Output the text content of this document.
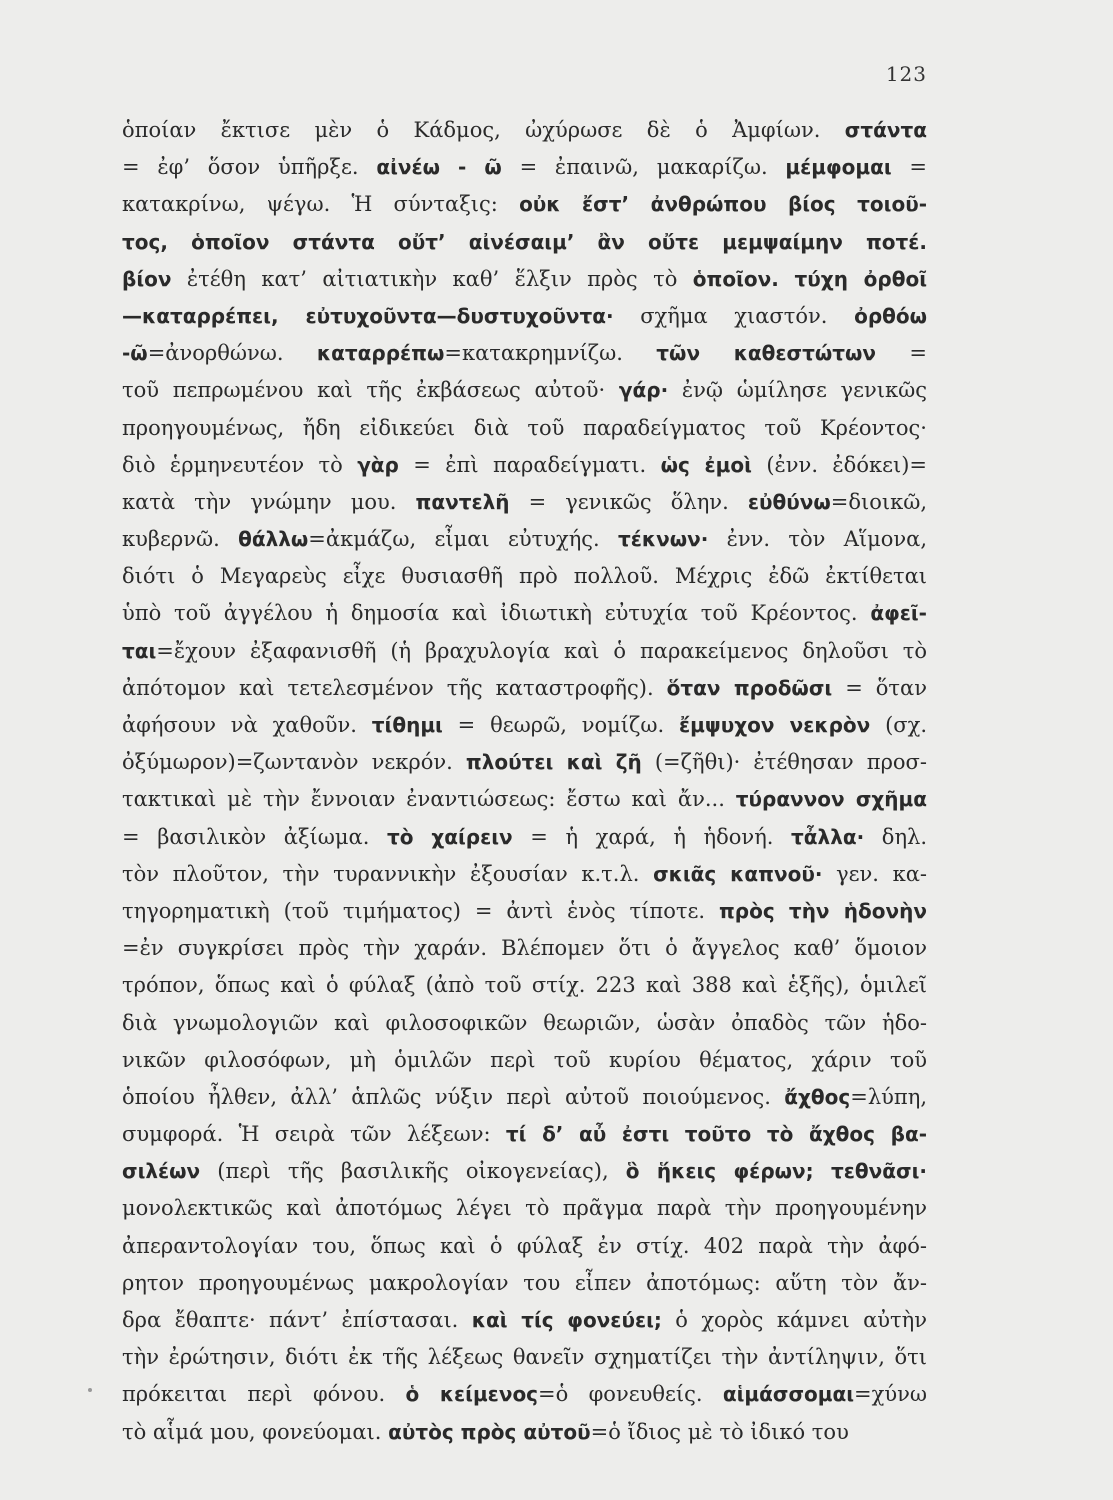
123
ὁποίαν ἔκτισε μὲν ὁ Κάδμος, ὠχύρωσε δὲ ὁ Ἀμφίων. στάντα
= ἐφ’ ὅσον ὑπῆρξε. αἰνέω - ῶ = ἐπαινῶ, μακαρίζω. μέμφομαι =
κατακρίνω, ψέγω. Ἡ σύνταξις: οὐκ ἔστ’ ἀνθρώπου βίος τοιοῦ-
τος, ὁποῖον στάντα οὔτ’ αἰνέσαιμ’ ἂν οὔτε μεμψαίμην ποτέ.
βίον ἐτέθη κατ’ αἰτιατικὴν καθ’ ἕλξιν πρὸς τὸ ὁποῖον. τύχη ὀρθοῖ
—καταρρέπει, εὐτυχοῦντα—δυστυχοῦντα· σχῆμα χιαστόν. ὀρθόω
-ῶ=ἀνορθώνω. καταρρέπω=κατακρημνίζω. τῶν καθεστώτων =
τοῦ πεπρωμένου καὶ τῆς ἐκβάσεως αὐτοῦ· γάρ· ἐνῷ ὡμίλησε γενικῶς
προηγουμένως, ἤδη εἰδικεύει διὰ τοῦ παραδείγματος τοῦ Κρέοντος·
διὸ ἑρμηνευτέον τὸ γὰρ = ἐπὶ παραδείγματι. ὡς ἐμοὶ (ἐνν. ἐδόκει)=
κατὰ τὴν γνώμην μου. παντελῆ = γενικῶς ὅλην. εὐθύνω=διοικῶ,
κυβερνῶ. θάλλω=ἀκμάζω, εἶμαι εὐτυχής. τέκνων· ἐνν. τὸν Αἵμονα,
διότι ὁ Μεγαρεὺς εἶχε θυσιασθῆ πρὸ πολλοῦ. Μέχρις ἐδῶ ἐκτίθεται
ὑπὸ τοῦ ἀγγέλου ἡ δημοσία καὶ ἰδιωτικὴ εὐτυχία τοῦ Κρέοντος. ἀφεῖ-
ται=ἔχουν ἐξαφανισθῆ (ἡ βραχυλογία καὶ ὁ παρακείμενος δηλοῦσι τὸ
ἀπότομον καὶ τετελεσμένον τῆς καταστροφῆς). ὅταν προδῶσι = ὅταν
ἀφήσουν νὰ χαθοῦν. τίθημι = θεωρῶ, νομίζω. ἔμψυχον νεκρὸν (σχ.
ὀξύμωρον)=ζωντανὸν νεκρόν. πλούτει καὶ ζῆ (=ζῆθι)· ἐτέθησαν προσ-
τακτικαὶ μὲ τὴν ἔννοιαν ἐναντιώσεως: ἔστω καὶ ἄν... τύραννον σχῆμα
= βασιλικὸν ἀξίωμα. τὸ χαίρειν = ἡ χαρά, ἡ ἡδονή. τἆλλα· δηλ.
τὸν πλοῦτον, τὴν τυραννικὴν ἐξουσίαν κ.τ.λ. σκιᾶς καπνοῦ· γεν. κα-
τηγορηματικὴ (τοῦ τιμήματος) = ἀντὶ ἑνὸς τίποτε. πρὸς τὴν ἡδονὴν
=ἐν συγκρίσει πρὸς τὴν χαράν. Βλέπομεν ὅτι ὁ ἄγγελος καθ’ ὅμοιον
τρόπον, ὅπως καὶ ὁ φύλαξ (ἀπὸ τοῦ στίχ. 223 καὶ 388 καὶ ἑξῆς), ὁμιλεῖ
διὰ γνωμολογιῶν καὶ φιλοσοφικῶν θεωριῶν, ὡσὰν ὀπαδὸς τῶν ἡδο-
νικῶν φιλοσόφων, μὴ ὁμιλῶν περὶ τοῦ κυρίου θέματος, χάριν τοῦ
ὁποίου ἦλθεν, ἀλλ’ ἁπλῶς νύξιν περὶ αὐτοῦ ποιούμενος. ἄχθος=λύπη,
συμφορά. Ἡ σειρὰ τῶν λέξεων: τί δ’ αὖ ἐστι τοῦτο τὸ ἄχθος βα-
σιλέων (περὶ τῆς βασιλικῆς οἰκογενείας), ὃ ἥκεις φέρων; τεθνᾶσι·
μονολεκτικῶς καὶ ἀποτόμως λέγει τὸ πρᾶγμα παρὰ τὴν προηγουμένην
ἀπεραντολογίαν του, ὅπως καὶ ὁ φύλαξ ἐν στίχ. 402 παρὰ τὴν ἀφό-
ρητον προηγουμένως μακρολογίαν του εἶπεν ἀποτόμως: αὕτη τὸν ἄν-
δρα ἔθαπτε· πάντ’ ἐπίστασαι. καὶ τίς φονεύει; ὁ χορὸς κάμνει αὐτὴν
τὴν ἐρώτησιν, διότι ἐκ τῆς λέξεως θανεῖν σχηματίζει τὴν ἀντίληψιν, ὅτι
πρόκειται περὶ φόνου. ὁ κείμενος=ὁ φονευθείς. αἱμάσσομαι=χύνω
τὸ αἷμά μου, φονεύομαι. αὐτὸς πρὸς αὐτοῦ=ὁ ἴδιος μὲ τὸ ἰδικό του
